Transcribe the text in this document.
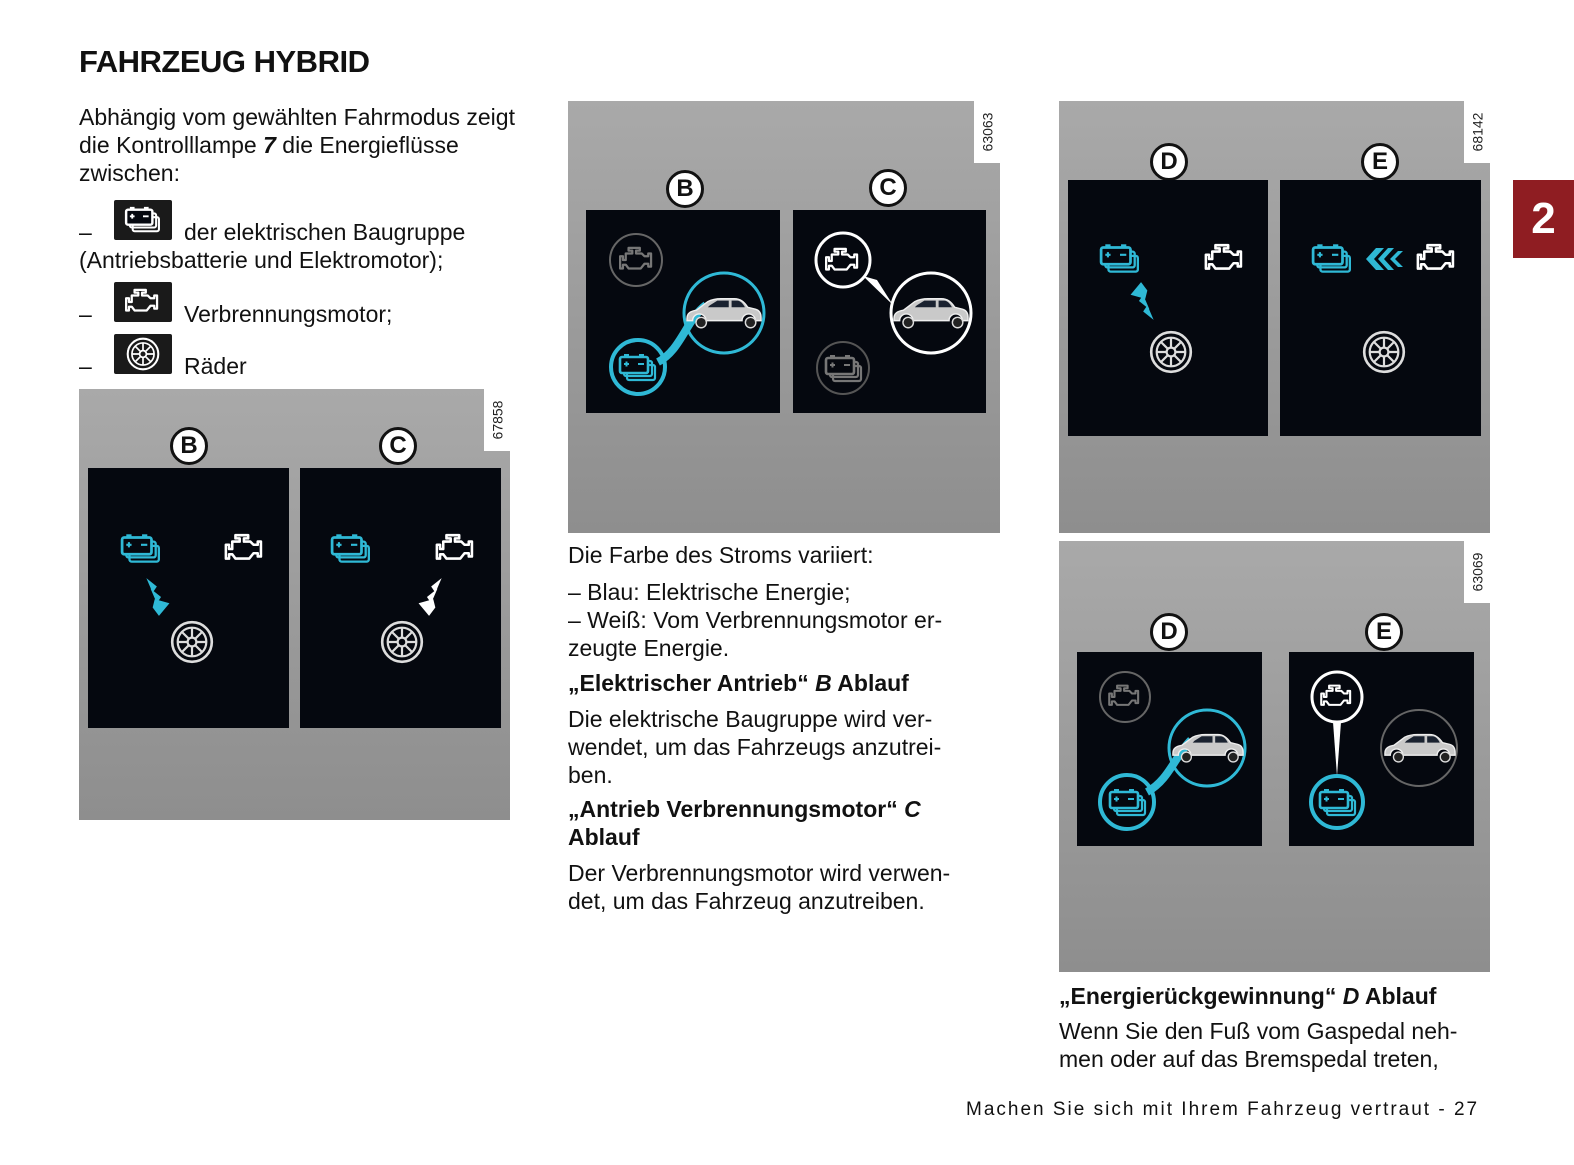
FAHRZEUG HYBRID
Abhängig vom gewählten Fahrmodus zeigt die Kontrolllampe 7 die Energieflüsse zwischen:
–	der elektrischen Baugruppe
(Antriebsbatterie und Elektromotor);
–	Verbrennungsmotor;
–	Räder
67858
B	C
63063
B	C
Die Farbe des Stroms variiert:
– Blau: Elektrische Energie;
– Weiß: Vom Verbrennungsmotor er-
zeugte Energie.
„Elektrischer Antrieb“ B Ablauf
Die elektrische Baugruppe wird ver-
wendet, um das Fahrzeugs anzutrei-
ben.
„Antrieb Verbrennungsmotor“ C
Ablauf
Der Verbrennungsmotor wird verwen-
det, um das Fahrzeug anzutreiben.
68142
D	E
63069
D	E
„Energierückgewinnung“ D Ablauf
Wenn Sie den Fuß vom Gaspedal neh-
men oder auf das Bremspedal treten,
2
Machen Sie sich mit Ihrem Fahrzeug vertraut - 27
